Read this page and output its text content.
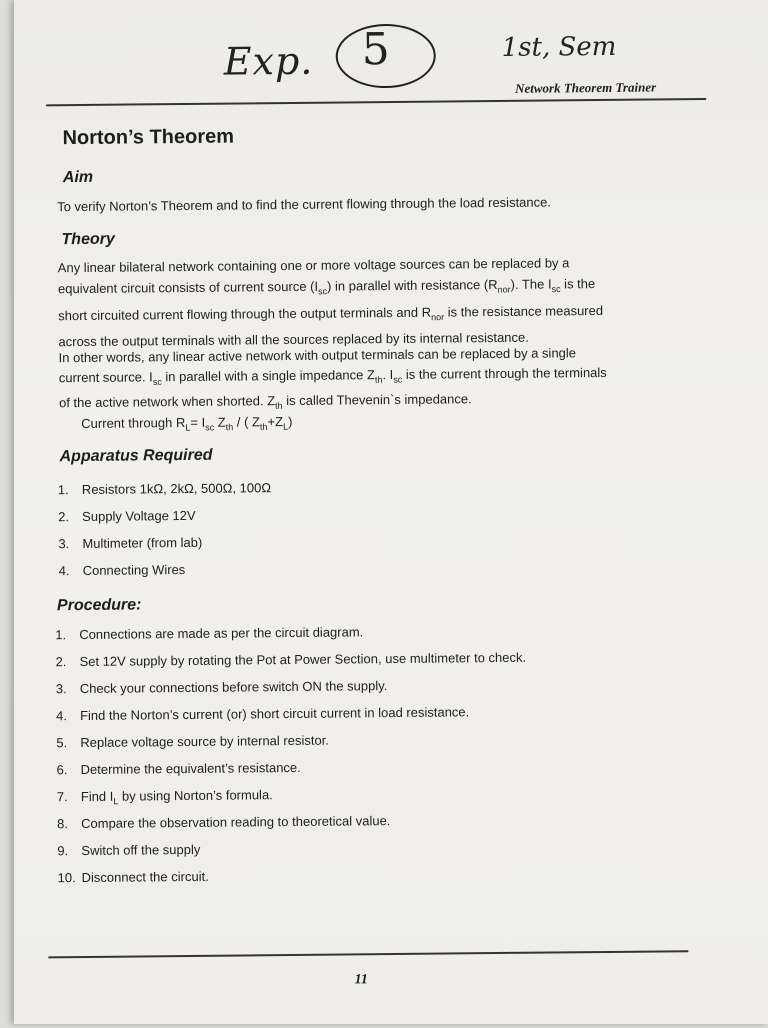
Exp. 5	1st, Sem
Network Theorem Trainer
Norton’s Theorem
Aim
To verify Norton’s Theorem and to find the current flowing through the load resistance.
Theory
Any linear bilateral network containing one or more voltage sources can be replaced by a
equivalent circuit consists of current source $(I_{sc})$ in parallel with resistance $(R_{nor})$. The $I_{sc}$ is the
short circuited current flowing through the output terminals and $R_{nor}$ is the resistance measured
across the output terminals with all the sources replaced by its internal resistance.
In other words, any linear active network with output terminals can be replaced by a single
current source. $I_{sc}$ in parallel with a single impedance $Z_{th}$. $I_{sc}$ is the current through the terminals
of the active network when shorted. $Z_{th}$ is called Thevenin`s impedance.
Current through $R_L= I_{sc}$ $Z_{th}$ / ( $Z_{th}+Z_L$)
Apparatus Required
1. Resistors 1kΩ, 2kΩ, 500Ω, 100Ω
2. Supply Voltage 12V
3. Multimeter (from lab)
4. Connecting Wires
Procedure:
1. Connections are made as per the circuit diagram.
2. Set 12V supply by rotating the Pot at Power Section, use multimeter to check.
3. Check your connections before switch ON the supply.
4. Find the Norton’s current (or) short circuit current in load resistance.
5. Replace voltage source by internal resistor.
6. Determine the equivalent’s resistance.
7. Find $I_L$ by using Norton’s formula.
8. Compare the observation reading to theoretical value.
9. Switch off the supply
10. Disconnect the circuit.
11
